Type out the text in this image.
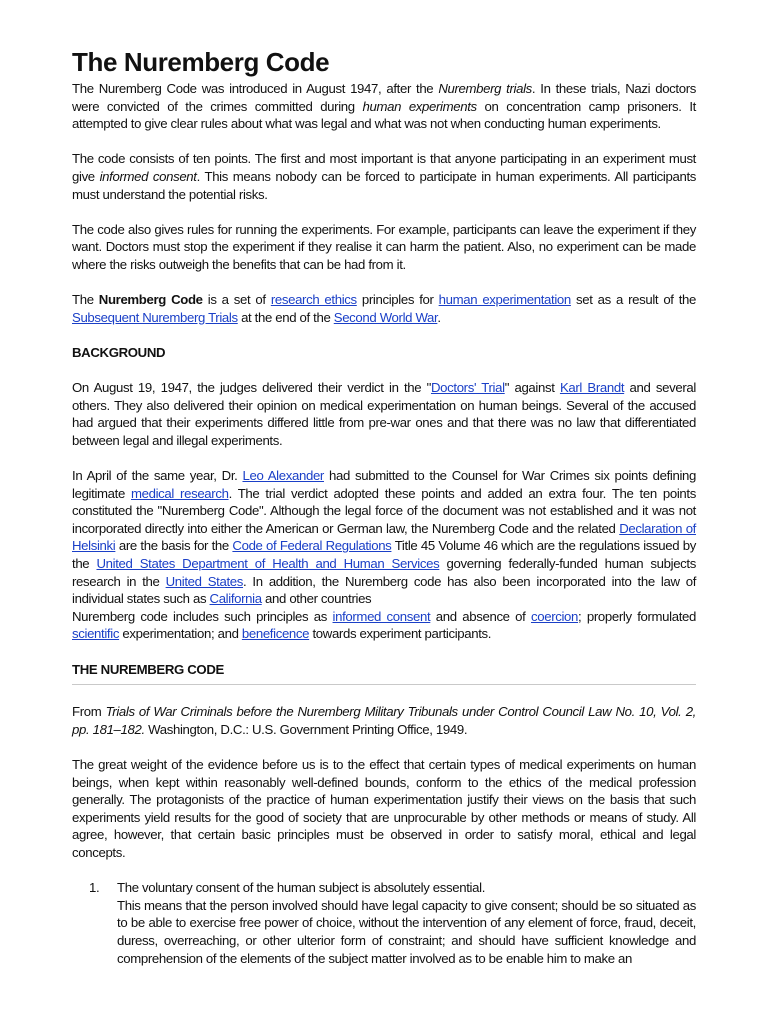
The Nuremberg Code

The Nuremberg Code was introduced in August 1947, after the Nuremberg trials. In these trials, Nazi doctors were convicted of the crimes committed during human experiments on concentration camp prisoners. It attempted to give clear rules about what was legal and what was not when conducting human experiments.

The code consists of ten points. The first and most important is that anyone participating in an experiment must give informed consent. This means nobody can be forced to participate in human experiments. All participants must understand the potential risks.

The code also gives rules for running the experiments. For example, participants can leave the experiment if they want. Doctors must stop the experiment if they realise it can harm the patient. Also, no experiment can be made where the risks outweigh the benefits that can be had from it.

The Nuremberg Code is a set of research ethics principles for human experimentation set as a result of the Subsequent Nuremberg Trials at the end of the Second World War.

BACKGROUND

On August 19, 1947, the judges delivered their verdict in the "Doctors' Trial" against Karl Brandt and several others. They also delivered their opinion on medical experimentation on human beings. Several of the accused had argued that their experiments differed little from pre-war ones and that there was no law that differentiated between legal and illegal experiments.

In April of the same year, Dr. Leo Alexander had submitted to the Counsel for War Crimes six points defining legitimate medical research. The trial verdict adopted these points and added an extra four. The ten points constituted the "Nuremberg Code". Although the legal force of the document was not established and it was not incorporated directly into either the American or German law, the Nuremberg Code and the related Declaration of Helsinki are the basis for the Code of Federal Regulations Title 45 Volume 46 which are the regulations issued by the United States Department of Health and Human Services governing federally-funded human subjects research in the United States. In addition, the Nuremberg code has also been incorporated into the law of individual states such as California and other countries

Nuremberg code includes such principles as informed consent and absence of coercion; properly formulated scientific experimentation; and beneficence towards experiment participants.

THE NUREMBERG CODE

From Trials of War Criminals before the Nuremberg Military Tribunals under Control Council Law No. 10, Vol. 2, pp. 181–182. Washington, D.C.: U.S. Government Printing Office, 1949.

The great weight of the evidence before us is to the effect that certain types of medical experiments on human beings, when kept within reasonably well-defined bounds, conform to the ethics of the medical profession generally. The protagonists of the practice of human experimentation justify their views on the basis that such experiments yield results for the good of society that are unprocurable by other methods or means of study. All agree, however, that certain basic principles must be observed in order to satisfy moral, ethical and legal concepts.

1.	The voluntary consent of the human subject is absolutely essential.
This means that the person involved should have legal capacity to give consent; should be so situated as to be able to exercise free power of choice, without the intervention of any element of force, fraud, deceit, duress, overreaching, or other ulterior form of constraint; and should have sufficient knowledge and comprehension of the elements of the subject matter involved as to be enable him to make an
